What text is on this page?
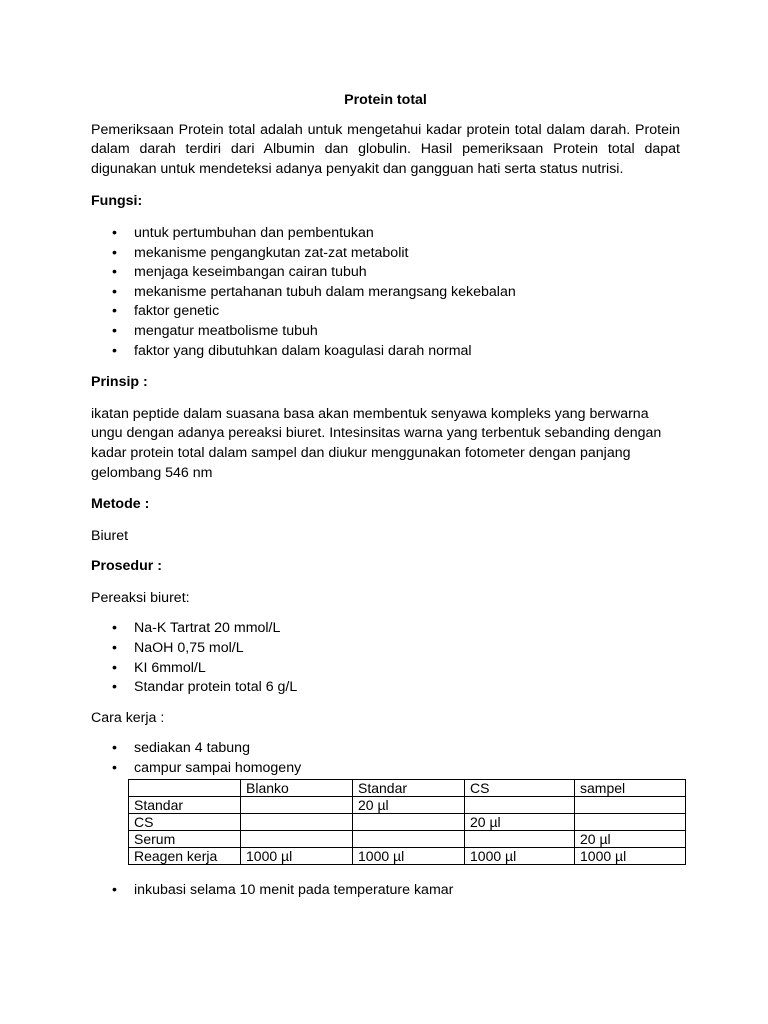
Protein total

Pemeriksaan Protein total adalah untuk mengetahui kadar protein total dalam darah. Protein dalam darah terdiri dari Albumin dan globulin. Hasil pemeriksaan Protein total dapat digunakan untuk mendeteksi adanya penyakit dan gangguan hati serta status nutrisi.

Fungsi:

• untuk pertumbuhan dan pembentukan
• mekanisme pengangkutan zat-zat metabolit
• menjaga keseimbangan cairan tubuh
• mekanisme pertahanan tubuh dalam merangsang kekebalan
• faktor genetic
• mengatur meatbolisme tubuh
• faktor yang dibutuhkan dalam koagulasi darah normal

Prinsip :

ikatan peptide dalam suasana basa akan membentuk senyawa kompleks yang berwarna ungu dengan adanya pereaksi biuret. Intesinsitas warna yang terbentuk sebanding dengan kadar protein total dalam sampel dan diukur menggunakan fotometer dengan panjang gelombang 546 nm

Metode :

Biuret

Prosedur :

Pereaksi biuret:

• Na-K Tartrat 20 mmol/L
• NaOH 0,75 mol/L
• KI 6mmol/L
• Standar protein total 6 g/L

Cara kerja :

• sediakan 4 tabung
• campur sampai homogeny
	Blanko	Standar	CS	sampel
Standar		20 µl		
CS			20 µl	
Serum				20 µl
Reagen kerja	1000 µl	1000 µl	1000 µl	1000 µl
• inkubasi selama 10 menit pada temperature kamar
